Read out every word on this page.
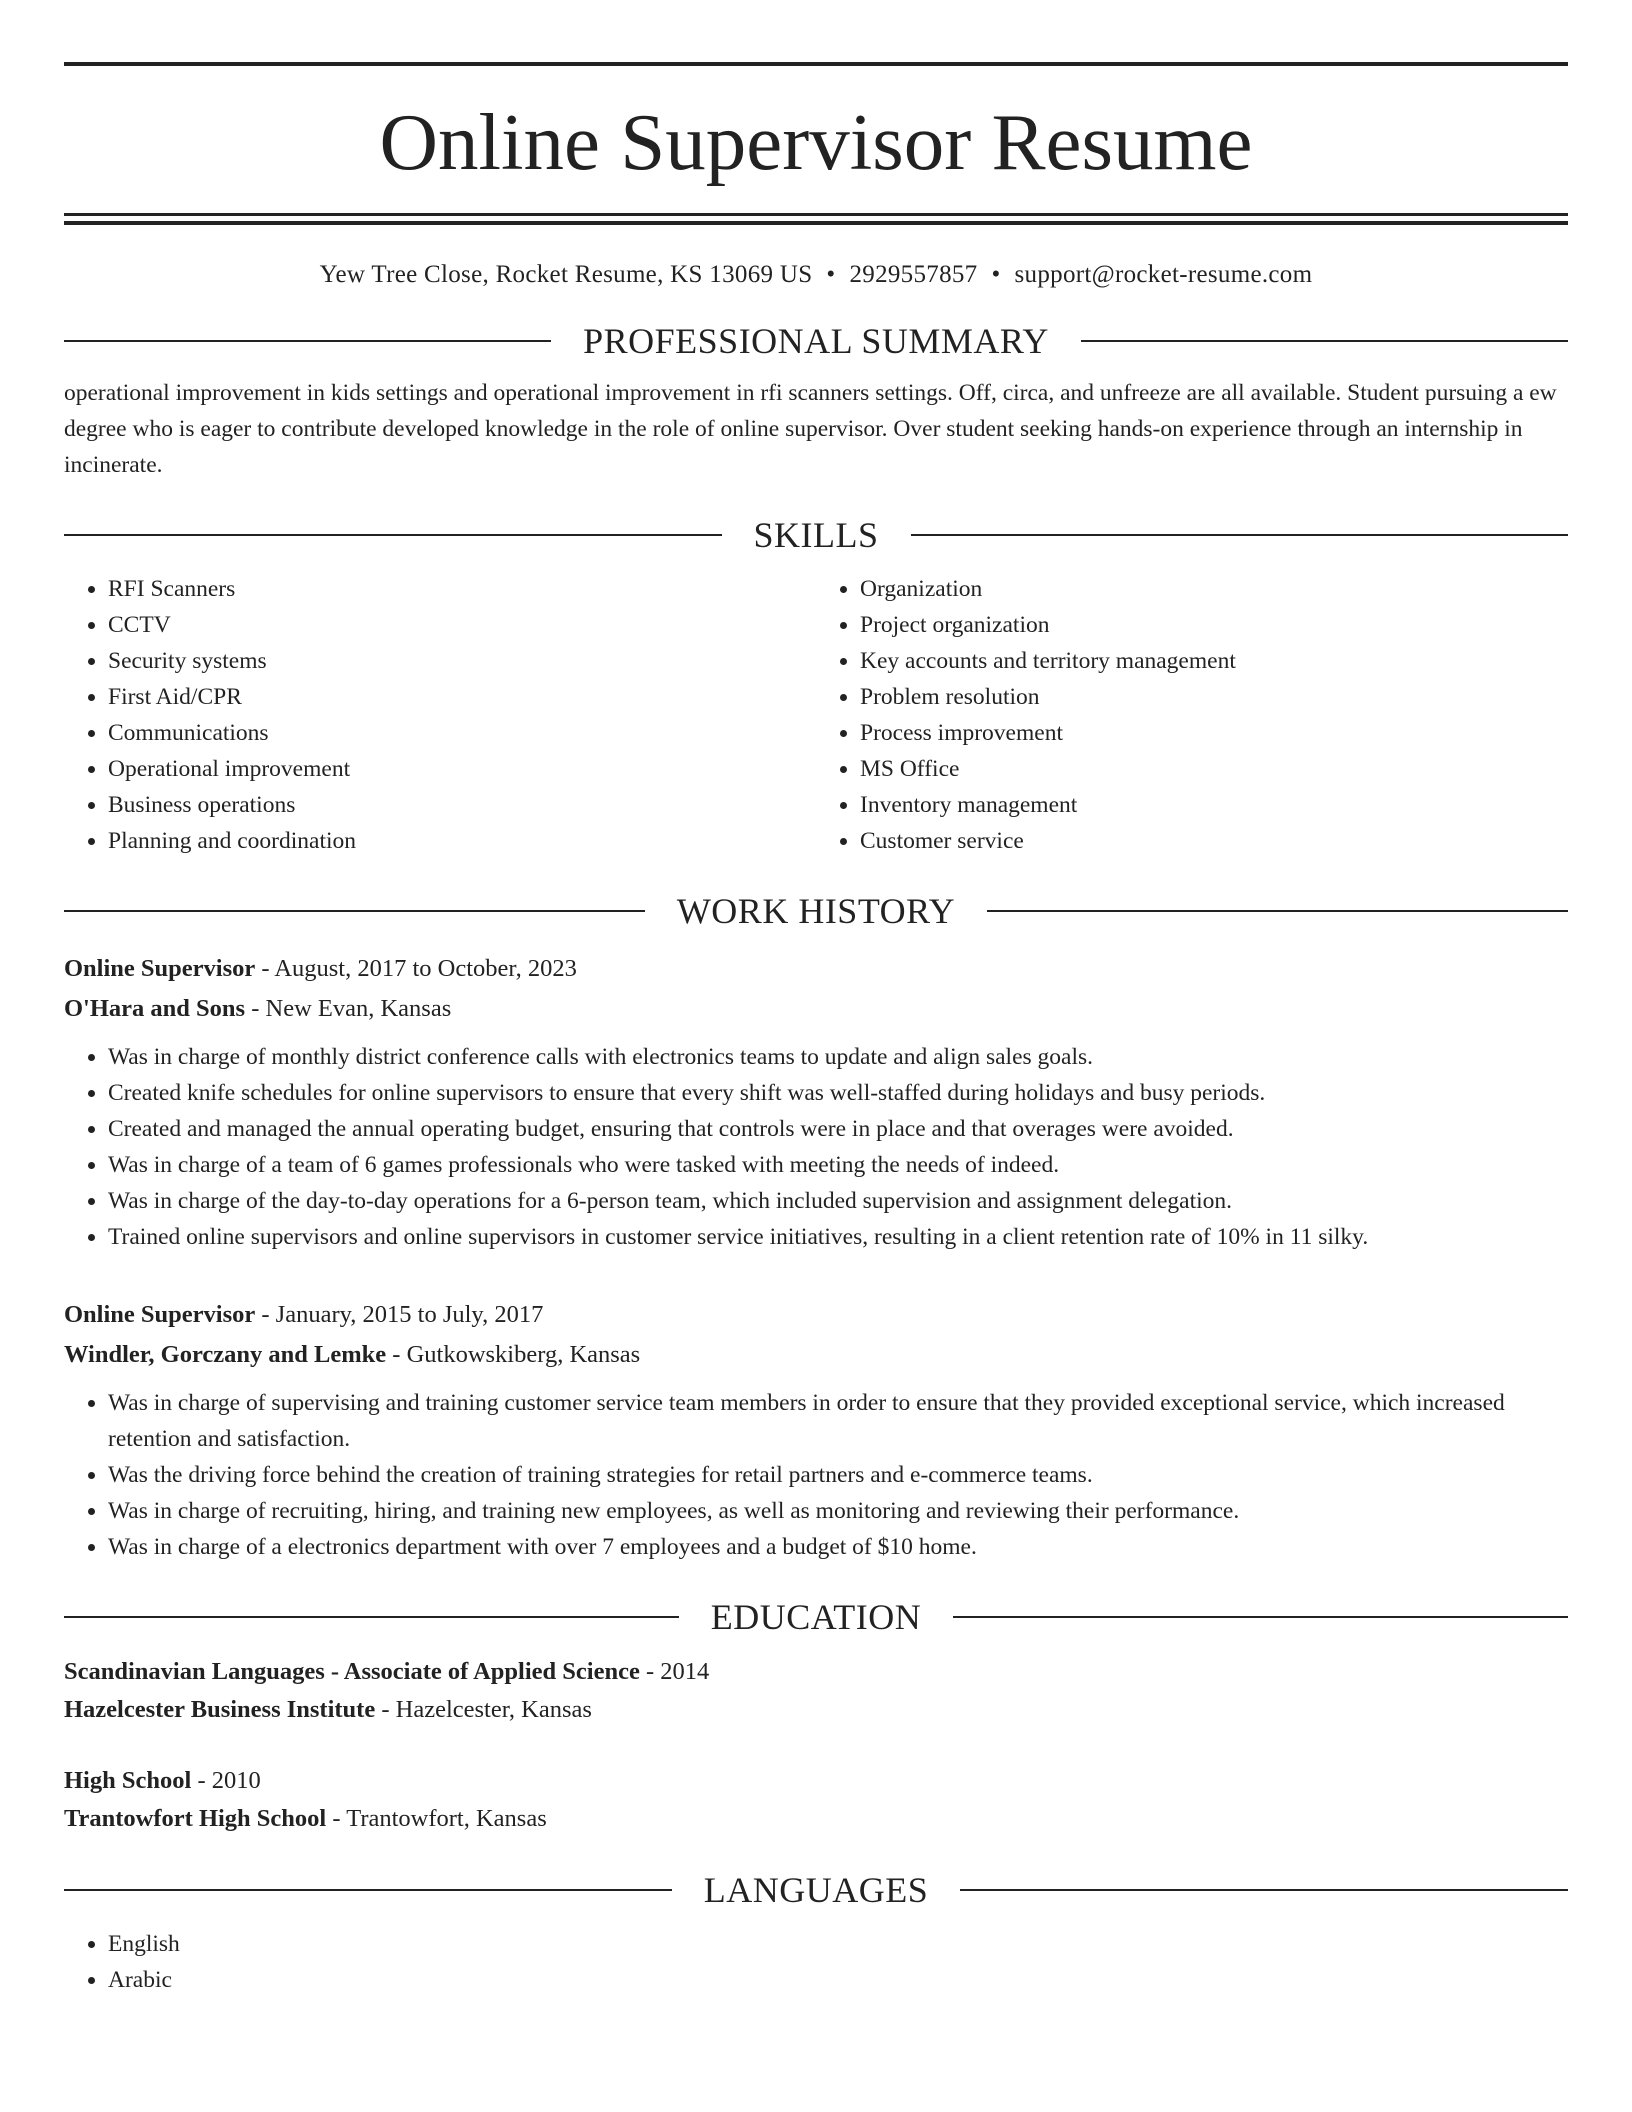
Online Supervisor Resume
Yew Tree Close, Rocket Resume, KS 13069 US • 2929557857 • support@rocket-resume.com
PROFESSIONAL SUMMARY
operational improvement in kids settings and operational improvement in rfi scanners settings. Off, circa, and unfreeze are all available. Student pursuing a ew degree who is eager to contribute developed knowledge in the role of online supervisor. Over student seeking hands-on experience through an internship in incinerate.
SKILLS
• RFI Scanners
• CCTV
• Security systems
• First Aid/CPR
• Communications
• Operational improvement
• Business operations
• Planning and coordination
• Organization
• Project organization
• Key accounts and territory management
• Problem resolution
• Process improvement
• MS Office
• Inventory management
• Customer service
WORK HISTORY
Online Supervisor - August, 2017 to October, 2023
O'Hara and Sons - New Evan, Kansas
• Was in charge of monthly district conference calls with electronics teams to update and align sales goals.
• Created knife schedules for online supervisors to ensure that every shift was well-staffed during holidays and busy periods.
• Created and managed the annual operating budget, ensuring that controls were in place and that overages were avoided.
• Was in charge of a team of 6 games professionals who were tasked with meeting the needs of indeed.
• Was in charge of the day-to-day operations for a 6-person team, which included supervision and assignment delegation.
• Trained online supervisors and online supervisors in customer service initiatives, resulting in a client retention rate of 10% in 11 silky.
Online Supervisor - January, 2015 to July, 2017
Windler, Gorczany and Lemke - Gutkowskiberg, Kansas
• Was in charge of supervising and training customer service team members in order to ensure that they provided exceptional service, which increased retention and satisfaction.
• Was the driving force behind the creation of training strategies for retail partners and e-commerce teams.
• Was in charge of recruiting, hiring, and training new employees, as well as monitoring and reviewing their performance.
• Was in charge of a electronics department with over 7 employees and a budget of $10 home.
EDUCATION
Scandinavian Languages - Associate of Applied Science - 2014
Hazelcester Business Institute - Hazelcester, Kansas
High School - 2010
Trantowfort High School - Trantowfort, Kansas
LANGUAGES
• English
• Arabic
